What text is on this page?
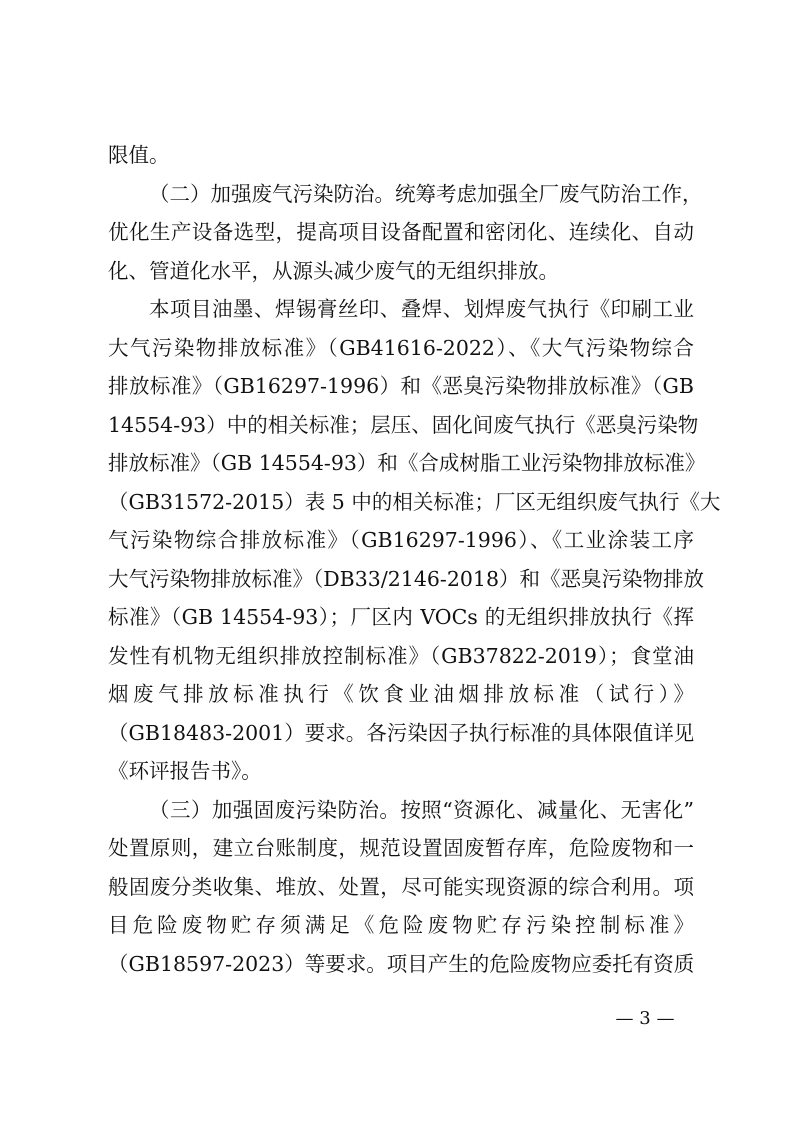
限值。
（二）加强废气污染防治。统筹考虑加强全厂废气防治工作，
优化生产设备选型，提高项目设备配置和密闭化、连续化、自动
化、管道化水平，从源头减少废气的无组织排放。
本项目油墨、焊锡膏丝印、叠焊、划焊废气执行《印刷工业
大气污染物排放标准》（GB41616-2022）、《大气污染物综合
排放标准》（GB16297-1996）和《恶臭污染物排放标准》（GB
14554-93）中的相关标准；层压、固化间废气执行《恶臭污染物
排放标准》（GB 14554-93）和《合成树脂工业污染物排放标准》
（GB31572-2015）表 5 中的相关标准；厂区无组织废气执行《大
气污染物综合排放标准》（GB16297-1996）、《工业涂装工序
大气污染物排放标准》（DB33/2146-2018）和《恶臭污染物排放
标准》（GB 14554-93）；厂区内 VOCs 的无组织排放执行《挥
发性有机物无组织排放控制标准》（GB37822-2019）；食堂油
烟废气排放标准执行《饮食业油烟排放标准（试行）》
（GB18483-2001）要求。各污染因子执行标准的具体限值详见
《环评报告书》。
（三）加强固废污染防治。按照“资源化、减量化、无害化”
处置原则，建立台账制度，规范设置固废暂存库，危险废物和一
般固废分类收集、堆放、处置，尽可能实现资源的综合利用。项
目危险废物贮存须满足《危险废物贮存污染控制标准》
（GB18597-2023）等要求。项目产生的危险废物应委托有资质
— 3 —
